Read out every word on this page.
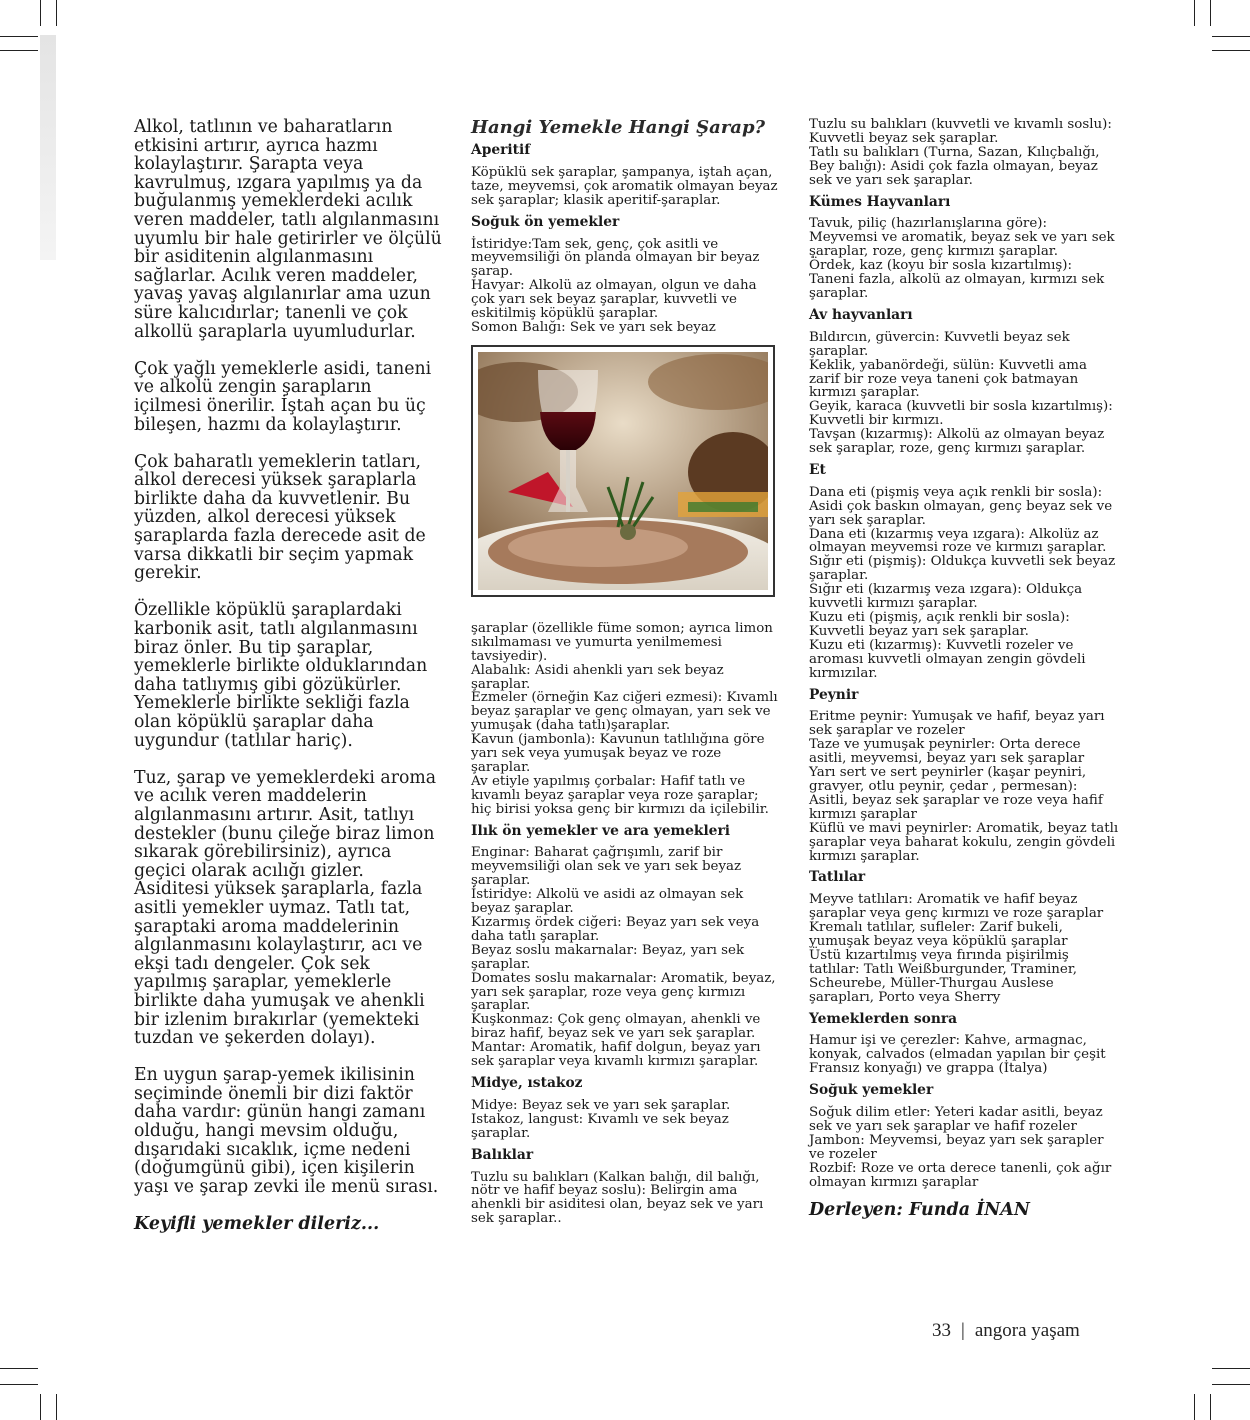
Alkol, tatlının ve baharatların etkisini artırır, ayrıca hazmı kolaylaştırır. Şarapta veya kavrulmuş, ızgara yapılmış ya da buğulanmış yemeklerdeki acılık veren maddeler, tatlı algılanmasını uyumlu bir hale getirirler ve ölçülü bir asiditenin algılanmasını sağlarlar. Acılık veren maddeler, yavaş yavaş algılanırlar ama uzun süre kalıcıdırlar; tanenli ve çok alkollü şaraplarla uyumludurlar.

Çok yağlı yemeklerle asidi, taneni ve alkolü zengin şarapların içilmesi önerilir. İştah açan bu üç bileşen, hazmı da kolaylaştırır.

Çok baharatlı yemeklerin tatları, alkol derecesi yüksek şaraplarla birlikte daha da kuvvetlenir. Bu yüzden, alkol derecesi yüksek şaraplarda fazla derecede asit de varsa dikkatli bir seçim yapmak gerekir.

Özellikle köpüklü şaraplardaki karbonik asit, tatlı algılanmasını biraz önler. Bu tip şaraplar, yemeklerle birlikte olduklarından daha tatlıymış gibi gözükürler. Yemeklerle birlikte sekliği fazla olan köpüklü şaraplar daha uygundur (tatlılar hariç).

Tuz, şarap ve yemeklerdeki aroma ve acılık veren maddelerin algılanmasını artırır. Asit, tatlıyı destekler (bunu çileğe biraz limon sıkarak görebilirsiniz), ayrıca geçici olarak acılığı gizler. Asiditesi yüksek şaraplarla, fazla asitli yemekler uymaz. Tatlı tat, şaraptaki aroma maddelerinin algılanmasını kolaylaştırır, acı ve ekşi tadı dengeler. Çok sek yapılmış şaraplar, yemeklerle birlikte daha yumuşak ve ahenkli bir izlenim bırakırlar (yemekteki tuzdan ve şekerden dolayı).

En uygun şarap-yemek ikilisinin seçiminde önemli bir dizi faktör daha vardır: günün hangi zamanı olduğu, hangi mevsim olduğu, dışarıdaki sıcaklık, içme nedeni (doğumgünü gibi), içen kişilerin yaşı ve şarap zevki ile menü sırası.

Keyifli yemekler dileriz...
Hangi Yemekle Hangi Şarap?
Aperitif
Köpüklü sek şaraplar, şampanya, iştah açan, taze, meyvemsi, çok aromatik olmayan beyaz sek şaraplar; klasik aperitif-şaraplar.
Soğuk ön yemekler
İstiridye:Tam sek, genç, çok asitli ve meyvemsiliği ön planda olmayan bir beyaz şarap.
Havyar: Alkolü az olmayan, olgun ve daha çok yarı sek beyaz şaraplar, kuvvetli ve eskitilmiş köpüklü şaraplar.
Somon Balığı: Sek ve yarı sek beyaz
şaraplar (özellikle füme somon; ayrıca limon sıkılmaması ve yumurta yenilmemesi tavsiyedir).
Alabalık: Asidi ahenkli yarı sek beyaz şaraplar.
Ezmeler (örneğin Kaz ciğeri ezmesi): Kıvamlı beyaz şaraplar ve genç olmayan, yarı sek ve yumuşak (daha tatlı)şaraplar.
Kavun (jambonla): Kavunun tatlılığına göre yarı sek veya yumuşak beyaz ve roze şaraplar.
Av etiyle yapılmış çorbalar: Hafif tatlı ve kıvamlı beyaz şaraplar veya roze şaraplar; hiç birisi yoksa genç bir kırmızı da içilebilir.
Ilık ön yemekler ve ara yemekleri
Enginar: Baharat çağrışımlı, zarif bir meyvemsiliği olan sek ve yarı sek beyaz şaraplar.
İstiridye: Alkolü ve asidi az olmayan sek beyaz şaraplar.
Kızarmış ördek ciğeri: Beyaz yarı sek veya daha tatlı şaraplar.
Beyaz soslu makarnalar: Beyaz, yarı sek şaraplar.
Domates soslu makarnalar: Aromatik, beyaz, yarı sek şaraplar, roze veya genç kırmızı şaraplar.
Kuşkonmaz: Çok genç olmayan, ahenkli ve biraz hafif, beyaz sek ve yarı sek şaraplar.
Mantar: Aromatik, hafif dolgun, beyaz yarı sek şaraplar veya kıvamlı kırmızı şaraplar.
Midye, ıstakoz
Midye: Beyaz sek ve yarı sek şaraplar.
Istakoz, langust: Kıvamlı ve sek beyaz şaraplar.
Balıklar
Tuzlu su balıkları (Kalkan balığı, dil balığı, nötr ve hafif beyaz soslu): Belirgin ama ahenkli bir asiditesi olan, beyaz sek ve yarı sek şaraplar..
Tuzlu su balıkları (kuvvetli ve kıvamlı soslu): Kuvvetli beyaz sek şaraplar.
Tatlı su balıkları (Turna, Sazan, Kılıçbalığı, Bey balığı): Asidi çok fazla olmayan, beyaz sek ve yarı sek şaraplar.
Kümes Hayvanları
Tavuk, piliç (hazırlanışlarına göre): Meyvemsi ve aromatik, beyaz sek ve yarı sek şaraplar, roze, genç kırmızı şaraplar.
Ördek, kaz (koyu bir sosla kızartılmış): Taneni fazla, alkolü az olmayan, kırmızı sek şaraplar.
Av hayvanları
Bıldırcın, güvercin: Kuvvetli beyaz sek şaraplar.
Keklik, yabanördeği, sülün: Kuvvetli ama zarif bir roze veya taneni çok batmayan kırmızı şaraplar.
Geyik, karaca (kuvvetli bir sosla kızartılmış): Kuvvetli bir kırmızı.
Tavşan (kızarmış): Alkolü az olmayan beyaz sek şaraplar, roze, genç kırmızı şaraplar.
Et
Dana eti (pişmiş veya açık renkli bir sosla): Asidi çok baskın olmayan, genç beyaz sek ve yarı sek şaraplar.
Dana eti (kızarmış veya ızgara): Alkolüz az olmayan meyvemsi roze ve kırmızı şaraplar.
Sığır eti (pişmiş): Oldukça kuvvetli sek beyaz şaraplar.
Sığır eti (kızarmış veza ızgara): Oldukça kuvvetli kırmızı şaraplar.
Kuzu eti (pişmiş, açık renkli bir sosla): Kuvvetli beyaz yarı sek şaraplar.
Kuzu eti (kızarmış): Kuvvetli rozeler ve aroması kuvvetli olmayan zengin gövdeli kırmızılar.
Peynir
Eritme peynir: Yumuşak ve hafif, beyaz yarı sek şaraplar ve rozeler
Taze ve yumuşak peynirler: Orta derece asitli, meyvemsi, beyaz yarı sek şaraplar
Yarı sert ve sert peynirler (kaşar peyniri, gravyer, otlu peynir, çedar , permesan): Asitli, beyaz sek şaraplar ve roze veya hafif kırmızı şaraplar
Küflü ve mavi peynirler: Aromatik, beyaz tatlı şaraplar veya baharat kokulu, zengin gövdeli kırmızı şaraplar.
Tatlılar
Meyve tatlıları: Aromatik ve hafif beyaz şaraplar veya genç kırmızı ve roze şaraplar
Kremalı tatlılar, sufleler: Zarif bukeli, yumuşak beyaz veya köpüklü şaraplar
Üstü kızartılmış veya fırında pişirilmiş tatlılar: Tatlı Weißburgunder, Traminer, Scheurebe, Müller-Thurgau Auslese şarapları, Porto veya Sherry
Yemeklerden sonra
Hamur işi ve çerezler: Kahve, armagnac, konyak, calvados (elmadan yapılan bir çeşit Fransız konyağı) ve grappa (İtalya)
Soğuk yemekler
Soğuk dilim etler: Yeteri kadar asitli, beyaz sek ve yarı sek şaraplar ve hafif rozeler
Jambon: Meyvemsi, beyaz yarı sek şarapler ve rozeler
Rozbif: Roze ve orta derece tanenli, çok ağır olmayan kırmızı şaraplar
Derleyen: Funda İNAN
33 | angora yaşam
